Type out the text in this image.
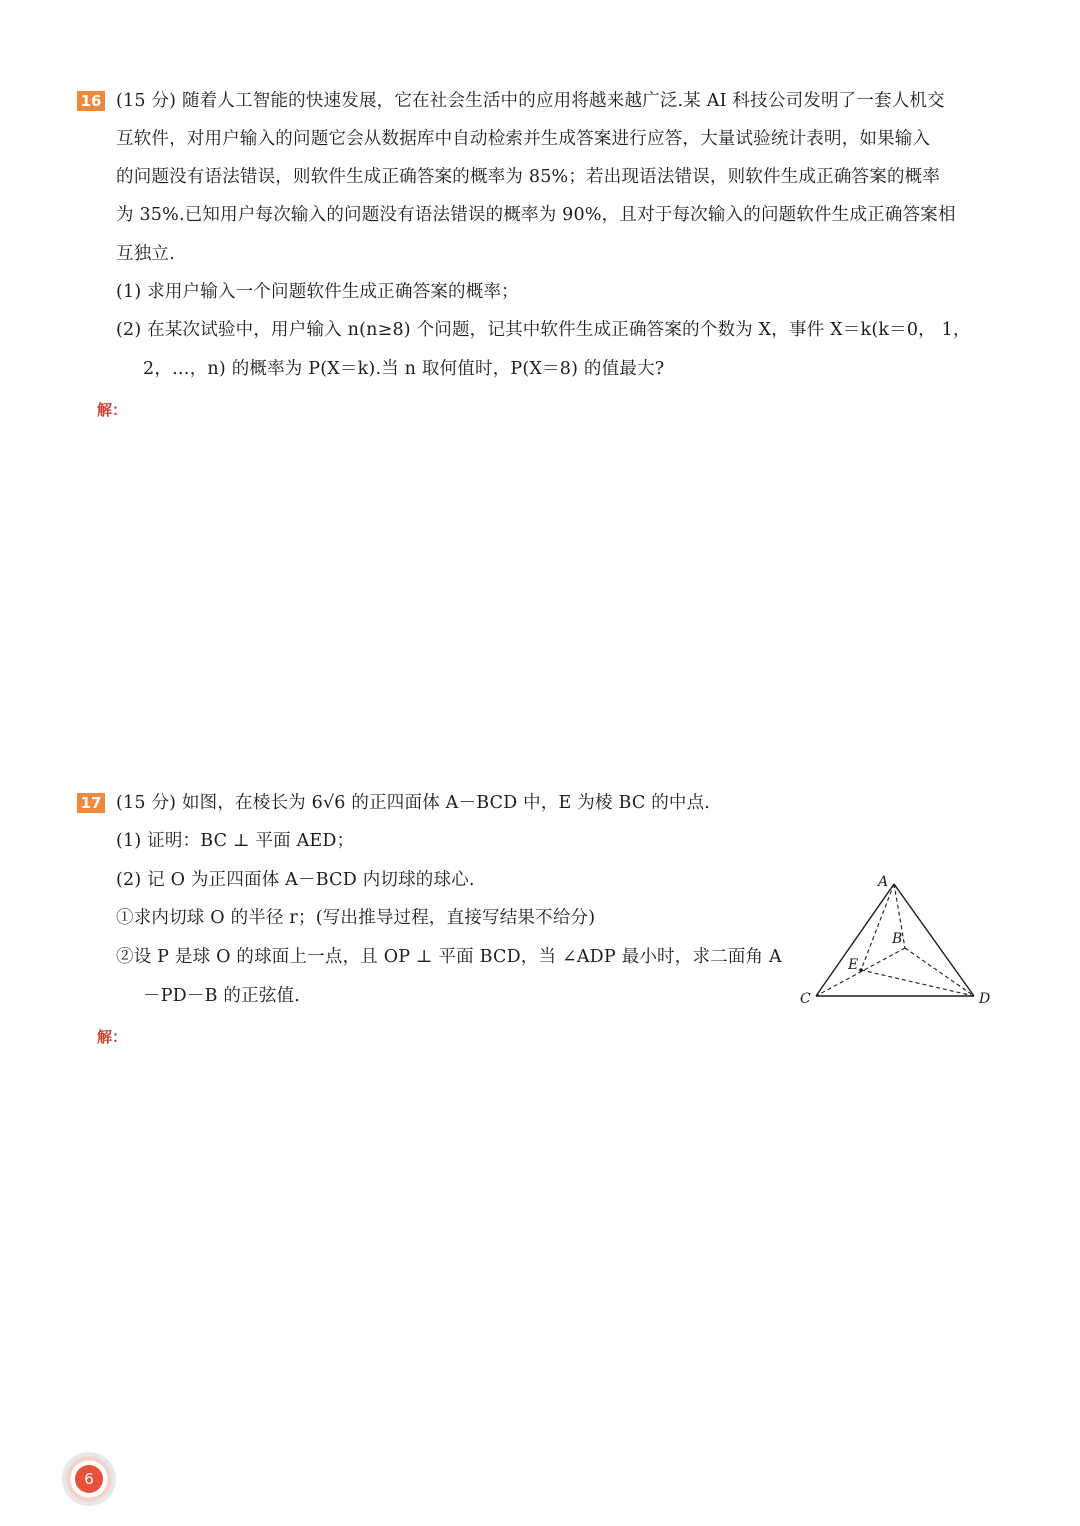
16 (15 分) 随着人工智能的快速发展，它在社会生活中的应用将越来越广泛.某 AI 科技公司发明了一套人机交
互软件，对用户输入的问题它会从数据库中自动检索并生成答案进行应答，大量试验统计表明，如果输入
的问题没有语法错误，则软件生成正确答案的概率为 85%；若出现语法错误，则软件生成正确答案的概率
为 35%.已知用户每次输入的问题没有语法错误的概率为 90%，且对于每次输入的问题软件生成正确答案相
互独立.
(1) 求用户输入一个问题软件生成正确答案的概率；
(2) 在某次试验中，用户输入 n(n≥8) 个问题，记其中软件生成正确答案的个数为 X，事件 X＝k(k＝0， 1，
2，…，n) 的概率为 P(X＝k).当 n 取何值时，P(X＝8) 的值最大?
解：
17 (15 分) 如图，在棱长为 6√6 的正四面体 A－BCD 中，E 为棱 BC 的中点.
(1) 证明：BC ⊥ 平面 AED；
(2) 记 O 为正四面体 A－BCD 内切球的球心.
①求内切球 O 的半径 r；(写出推导过程，直接写结果不给分)
②设 P 是球 O 的球面上一点，且 OP ⊥ 平面 BCD，当 ∠ADP 最小时，求二面角 A
－PD－B 的正弦值.
解：
A
B
C	D
E
6
